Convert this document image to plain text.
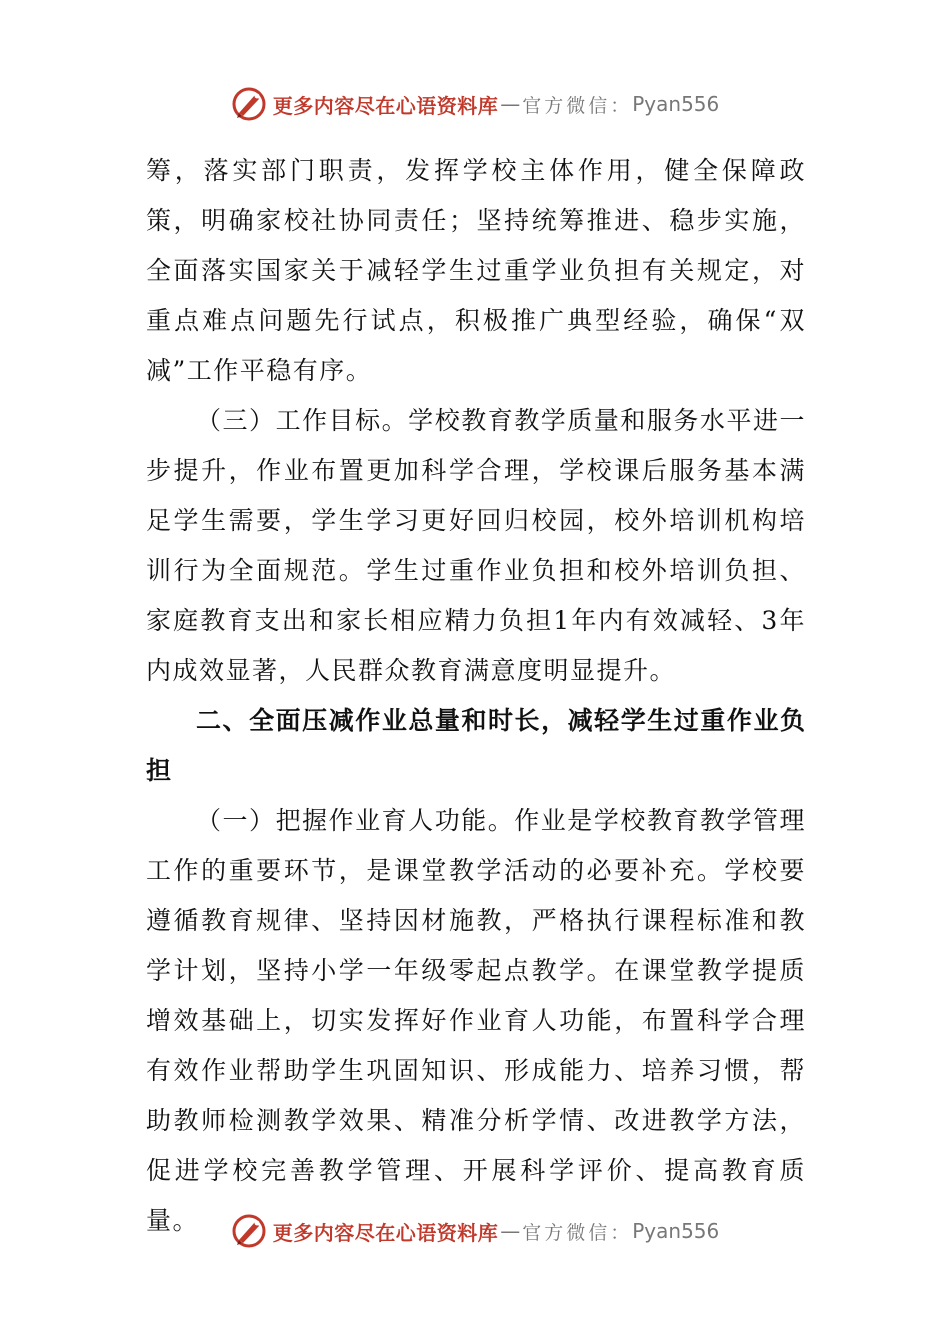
更多内容尽在心语资料库 — 官方微信： Pyan556

筹，落实部门职责，发挥学校主体作用，健全保障政策，明确家校社协同责任；坚持统筹推进、稳步实施，全面落实国家关于减轻学生过重学业负担有关规定，对重点难点问题先行试点，积极推广典型经验，确保“双减”工作平稳有序。

（三）工作目标。学校教育教学质量和服务水平进一步提升，作业布置更加科学合理，学校课后服务基本满足学生需要，学生学习更好回归校园，校外培训机构培训行为全面规范。学生过重作业负担和校外培训负担、家庭教育支出和家长相应精力负担1年内有效减轻、3年内成效显著，人民群众教育满意度明显提升。

二、全面压减作业总量和时长，减轻学生过重作业负担

（一）把握作业育人功能。作业是学校教育教学管理工作的重要环节，是课堂教学活动的必要补充。学校要遵循教育规律、坚持因材施教，严格执行课程标准和教学计划，坚持小学一年级零起点教学。在课堂教学提质增效基础上，切实发挥好作业育人功能，布置科学合理有效作业帮助学生巩固知识、形成能力、培养习惯，帮助教师检测教学效果、精准分析学情、改进教学方法，促进学校完善教学管理、开展科学评价、提高教育质量。	更多内容尽在心语资料库 — 官方微信： Pyan556
